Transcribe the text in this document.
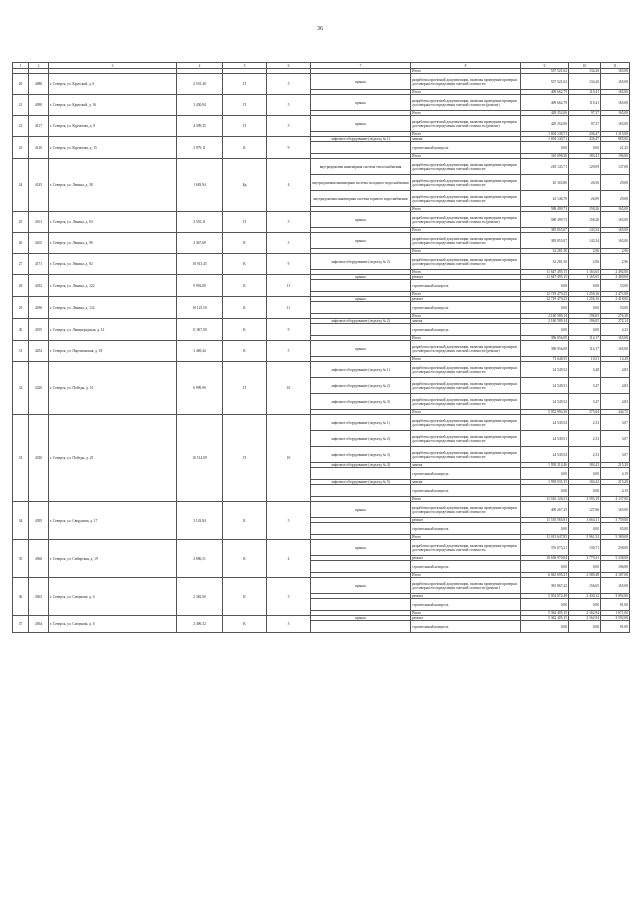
36
1	2	3	4	5	6	7	8	9	10	11
							Итого	537 521,62	134,26	165,00
20	4080	г. Северск, ул. Крупской, д. 6	2 501,40	П	5	крыша	разработка проектной документации, включая проведение проверки достоверности определения сметной стоимости	537 521,62	134,26	165,00
							Итого	409 662,79	119,41	165,00
21	4090	г. Северск, ул. Крупской, д. 16	3 430,84	П	5	крыша	разработка проектной документации, включая проведение проверки достоверности определения сметной стоимости (ремонт)	409 662,79	119,41	165,00
							Итого	428 352,06	97,37	165,00
22	4117	г. Северск, ул. Курчатова, д. 8	4 399,35	П	5	крыша	разработка проектной документации, включая проведение проверки достоверности определения сметной стоимости (ремонт)	428 352,06	97,37	165,00
							Итого	1 694 140,71	436,47	1 115,00
23	4120	г. Северск, ул. Курчатова, д. 15	3 879,11	К	9	лифтовое оборудование (подъезд № 1)	замена	1 694 140,71	436,47	985,00
							строительный контроль	0,00	0,00	21,25
							Итого	310 098,36	183,41	196,00
24	4145	г. Северск, ул. Ленина, д. 38	1 683,94	Бр	4	внутридомовая инженерная система теплоснабжения	разработка проектной документации, включая проведение проверки достоверности определения сметной стоимости	218 145,71	129,09	137,00
						внутридомовая инженерная система холодного водоснабжения	разработка проектной документации, включая проведение проверки достоверности определения сметной стоимости	45 165,86	26,56	29,00
						внутридомовая инженерная система горячего водоснабжения	разработка проектной документации, включая проведение проверки достоверности определения сметной стоимости	44 146,79	26,09	29,00
							Итого	588 499,73	158,26	165,00
25	4161	г. Северск, ул. Ленина, д. 63	2 555,11	П	5	крыша	разработка проектной документации, включая проведение проверки достоверности определения сметной стоимости (ремонт)	588 499,73	158,26	165,00
							Итого	385 855,07	143,34	165,00
26	4165	г. Северск, ул. Ленина, д. 90	2 467,69	К	5	крыша	разработка проектной документации, включая проведение проверки достоверности определения сметной стоимости	385 855,07	143,34	165,00
							Итого	32 281,30	2,96	2,96
27	4171	г. Северск, ул. Ленина, д. 92	10 913,45	К	9	лифтовое оборудование (подъезд № 2)	разработка проектной документации, включая проведение проверки достоверности определения сметной стоимости	32 281,30	2,96	2,96
							Итого	11 647 495,15	1 163,65	2 492,00
28	4182	г. Северск, ул. Ленина, д. 122	9 992,80	К	11	крыша	ремонт	11 647 495,15	1 165,65	2 469,00
							строительный контроль	0,00	0,00	53,00
							Итого	12 719 479,25	1 256,16	2 471,00
29	4186	г. Северск, ул. Ленина, д. 132	10 125,50	К	11	крыша	ремонт	12 719 479,25	1 256,16	2 418,00
							строительный контроль	0,00	0,00	53,00
							Итого	2 160 589,14	196,05	276,38
30	4195	г. Северск, ул. Ленинградская, д. 12	11 067,90	К	9	лифтовое оборудование (подъезд № 2)	замена	2 160 589,14	196,05	272,14
							строительный контроль	0,00	0,00	4,25
							Итого	396 056,09	114,17	165,00
31	4254	г. Северск, ул. Партизанская, д. 18	3 469,44	К	5	крыша	разработка проектной документации, включая проведение проверки достоверности определения сметной стоимости (ремонт)	396 056,09	114,17	165,00
							Итого	73 648,55	10,51	14,49
32	4320	г. Северск, ул. Победы, д. 15	6 999,90	П	10	лифтовое оборудование (подъезд № 1)	разработка проектной документации, включая проведение проверки достоверности определения сметной стоимости	24 549,52	3,48	4,83
						лифтовое оборудование (подъезд № 2)	разработка проектной документации, включая проведение проверки достоверности определения сметной стоимости	24 549,51	3,47	4,83
						лифтовое оборудование (подъезд № 3)	разработка проектной документации, включая проведение проверки достоверности определения сметной стоимости	24 549,52	3,47	4,83
							Итого	5 952 894,36	575,04	444,75
33	4330	г. Северск, ул. Победы, д. 25	10 514,09	П	10	лифтовое оборудование (подъезд № 1)	разработка проектной документации, включая проведение проверки достоверности определения сметной стоимости	24 549,52	2,33	3,07
						лифтовое оборудование (подъезд № 2)	разработка проектной документации, включая проведение проверки достоверности определения сметной стоимости	24 549,51	2,33	3,07
						лифтовое оборудование (подъезд № 3)	разработка проектной документации, включая проведение проверки достоверности определения сметной стоимости	24 549,52	2,33	3,07
						лифтовое оборудование (подъезд № 4)	замена	1 939 214,46	184,43	215,20
							строительный контроль	0,00	0,00	4,19
						лифтовое оборудование (подъезд № 5)	замена	1 939 031,35	184,42	215,20
							строительный контроль	0,00	0,00	4,19
							Итого	11 510 126,51	3 593,19	4 137,00
34	4395	г. Северск, ул. Свердлова, д. 17	3 143,84	К	5	крыша	разработка проектной документации, включая проведение проверки достоверности определения сметной стоимости	409 267,35	127,66	165,00
							ремонт	11 510 565,81	3 664,11	3 759,00
							строительный контроль	0,00	0,00	83,00
							Итого	11 015 647,85	5 961,52	5 380,00
35	4560	г. Северск, ул. Сибирская, д. 19	2 886,51	К	4	крыша	разработка проектной документации, включая проведение проверки достоверности определения сметной стоимости	376 675,21	130,71	258,00
							ремонт	10 638 970,64	3 779,41	5 338,00
							строительный контроль	0,00	0,00	106,00
							Итого	6 943 695,21	2 589,48	4 187,00
36	4563	г. Северск, ул. Сипунова, д. 4	2 382,90	К	5	крыша	разработка проектной документации, включая проведение проверки достоверности определения сметной стоимости (ремонт)	381 867,42	156,65	165,00
							ремонт	5 954 872,49	2 430,12	3 992,00
							строительный контроль	0,00	0,00	81,00
							Итого	5 362 405,15	2 162,94	1 671,00
37	4564	г. Северск, ул. Сипунова, д. 6	2 496,52	К	5	крыша	ремонт	5 362 405,15	2 162,94	3 592,00
							строительный контроль	0,00	0,00	81,00
